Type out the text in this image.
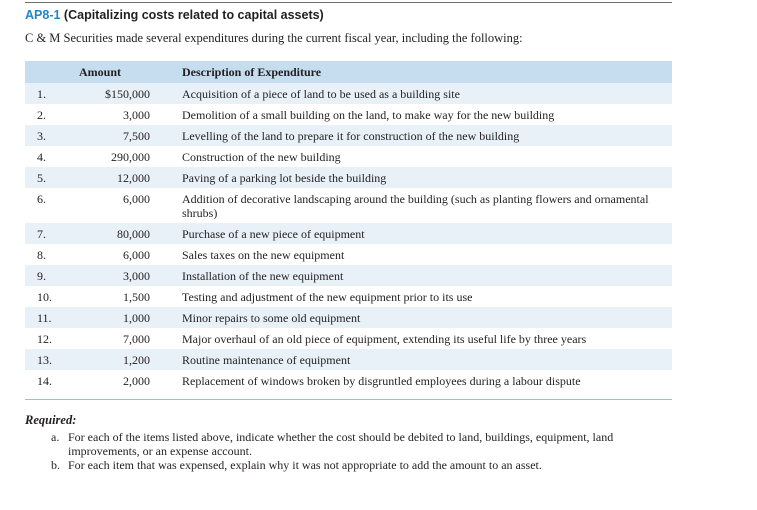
AP8-1 (Capitalizing costs related to capital assets)
C & M Securities made several expenditures during the current fiscal year, including the following:
	Amount	Description of Expenditure
1.	$150,000	Acquisition of a piece of land to be used as a building site
2.	3,000	Demolition of a small building on the land, to make way for the new building
3.	7,500	Levelling of the land to prepare it for construction of the new building
4.	290,000	Construction of the new building
5.	12,000	Paving of a parking lot beside the building
6.	6,000	Addition of decorative landscaping around the building (such as planting flowers and ornamental shrubs)
7.	80,000	Purchase of a new piece of equipment
8.	6,000	Sales taxes on the new equipment
9.	3,000	Installation of the new equipment
10.	1,500	Testing and adjustment of the new equipment prior to its use
11.	1,000	Minor repairs to some old equipment
12.	7,000	Major overhaul of an old piece of equipment, extending its useful life by three years
13.	1,200	Routine maintenance of equipment
14.	2,000	Replacement of windows broken by disgruntled employees during a labour dispute
Required:
a. For each of the items listed above, indicate whether the cost should be debited to land, buildings, equipment, land improvements, or an expense account.
b. For each item that was expensed, explain why it was not appropriate to add the amount to an asset.
